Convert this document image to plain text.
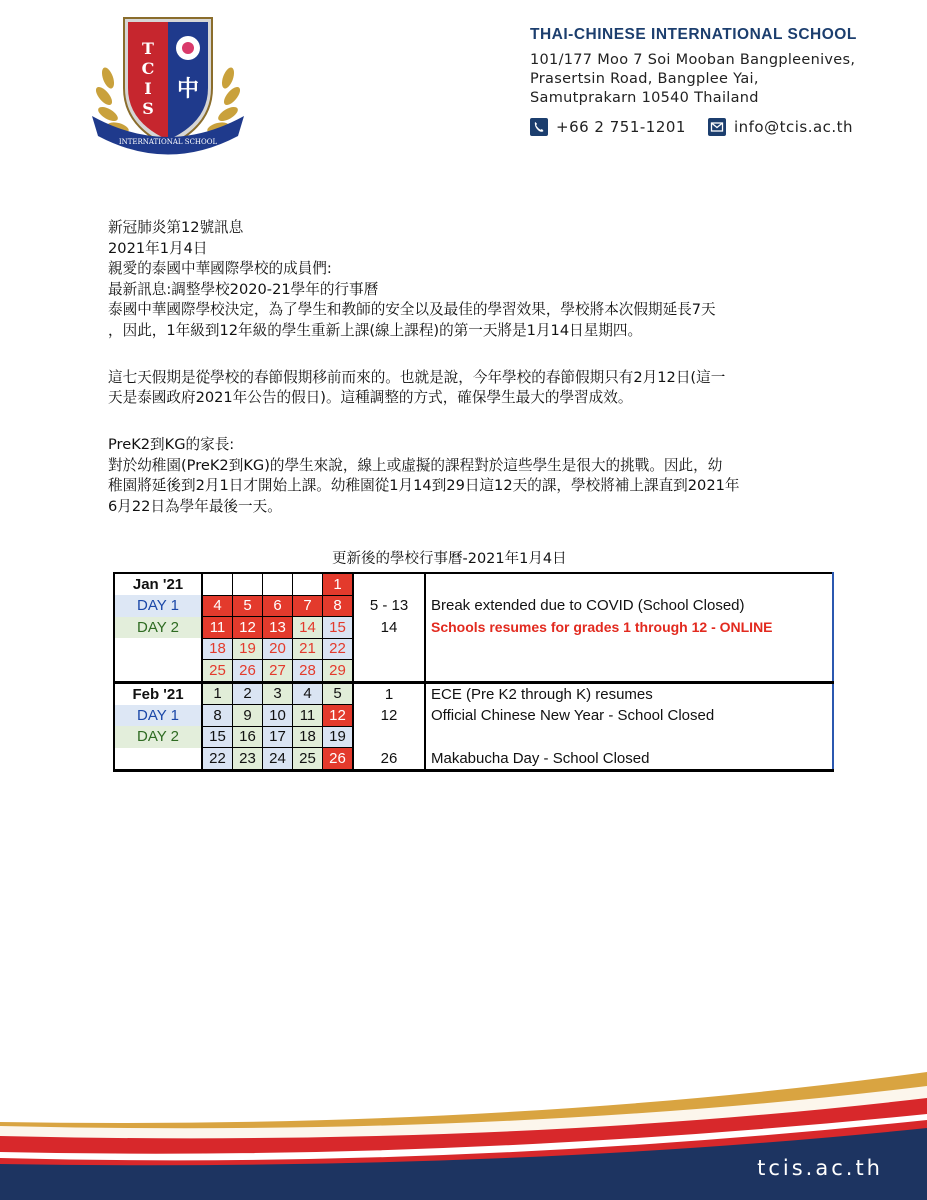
T
C
I
S
中
INTERNATIONAL SCHOOL
THAI-CHINESE INTERNATIONAL SCHOOL
101/177 Moo 7 Soi Mooban Bangpleenives,
Prasertsin Road, Bangplee Yai,
Samutprakarn 10540 Thailand
+66 2 751-1201	info@tcis.ac.th

新冠肺炎第12號訊息

2021年1月4日

親愛的泰國中華國際學校的成員們:

最新訊息:調整學校2020-21學年的行事曆

泰國中華國際學校決定，為了學生和教師的安全以及最佳的學習效果，學校將本次假期延長7天

，因此，1年級到12年級的學生重新上課(線上課程)的第一天將是1月14日星期四。

這七天假期是從學校的春節假期移前而來的。也就是說，今年學校的春節假期只有2月12日(這一

天是泰國政府2021年公告的假日)。這種調整的方式，確保學生最大的學習成效。

PreK2到KG的家長:

對於幼稚園(PreK2到KG)的學生來說，線上或虛擬的課程對於這些學生是很大的挑戰。因此，幼

稚園將延後到2月1日才開始上課。幼稚園從1月14到29日這12天的課，學校將補上課直到2021年

6月22日為學年最後一天。

更新後的學校行事曆-2021年1月4日
Jan '21					1		
DAY 1	4	5	6	7	8	5 - 13	Break extended due to COVID (School Closed)
DAY 2	11	12	13	14	15	14	Schools resumes for grades 1 through 12 - ONLINE
	18	19	20	21	22		
	25	26	27	28	29		
Feb '21	1	2	3	4	5	1	ECE (Pre K2 through K) resumes
DAY 1	8	9	10	11	12	12	Official Chinese New Year - School Closed
DAY 2	15	16	17	18	19		
	22	23	24	25	26	26	Makabucha Day - School Closed
tcis.ac.th
